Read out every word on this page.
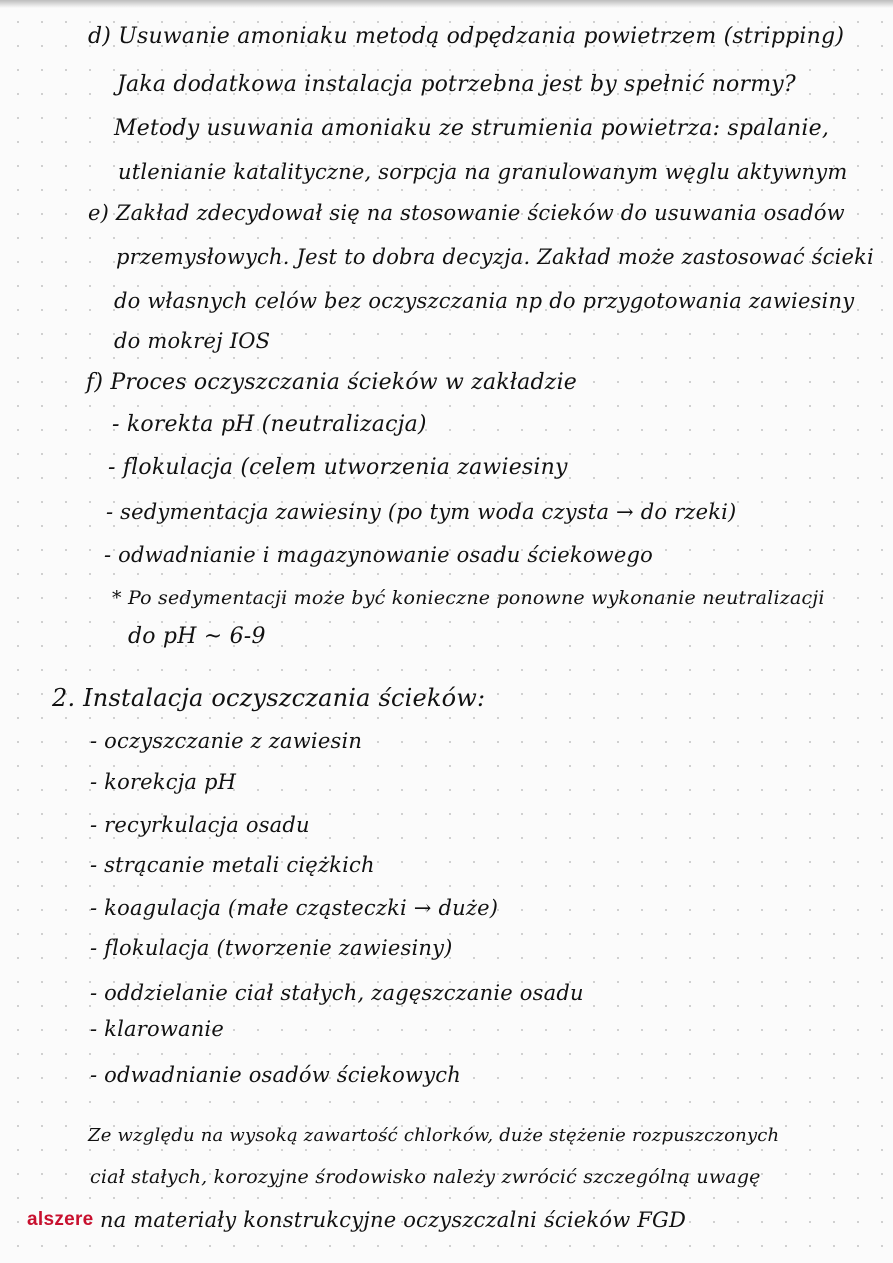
d) Usuwanie amoniaku metodą odpędzania powietrzem (stripping)
Jaka dodatkowa instalacja potrzebna jest by spełnić normy?
Metody usuwania amoniaku ze strumienia powietrza: spalanie,
utlenianie katalityczne, sorpcja na granulowanym węglu aktywnym
e) Zakład zdecydował się na stosowanie ścieków do usuwania osadów
przemysłowych. Jest to dobra decyzja. Zakład może zastosować ścieki
do własnych celów bez oczyszczania np do przygotowania zawiesiny
do mokrej IOS
f) Proces oczyszczania ścieków w zakładzie
- korekta pH (neutralizacja)
- flokulacja (celem utworzenia zawiesiny
- sedymentacja zawiesiny (po tym woda czysta → do rzeki)
- odwadnianie i magazynowanie osadu ściekowego
* Po sedymentacji może być konieczne ponowne wykonanie neutralizacji
do pH ~ 6-9
2. Instalacja oczyszczania ścieków:
- oczyszczanie z zawiesin
- korekcja pH
- recyrkulacja osadu
- strącanie metali ciężkich
- koagulacja (małe cząsteczki → duże)
- flokulacja (tworzenie zawiesiny)
- oddzielanie ciał stałych, zagęszczanie osadu
- klarowanie
- odwadnianie osadów ściekowych
Ze względu na wysoką zawartość chlorków, duże stężenie rozpuszczonych
ciał stałych, korozyjne środowisko należy zwrócić szczególną uwagę
na materiały konstrukcyjne oczyszczalni ścieków FGD
alszere
